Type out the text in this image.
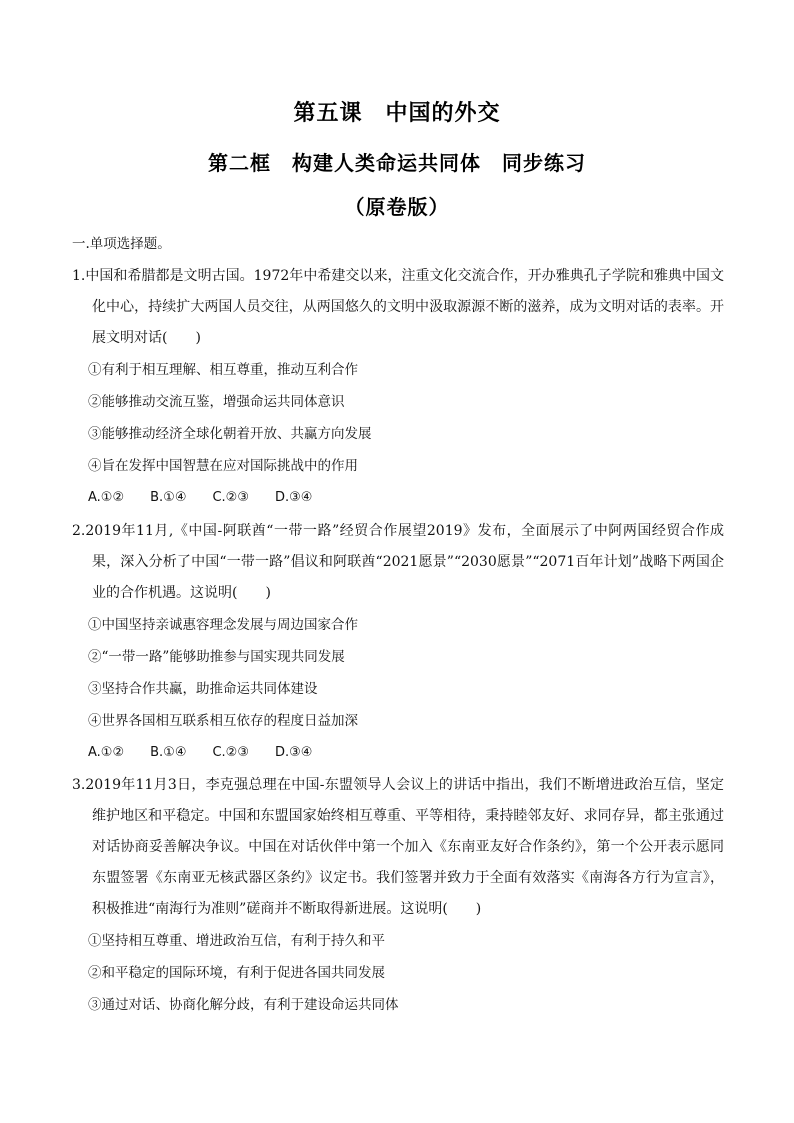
第五课　中国的外交
第二框　构建人类命运共同体　同步练习
（原卷版）
一.单项选择题。
1.中国和希腊都是文明古国。1972年中希建交以来，注重文化交流合作，开办雅典孔子学院和雅典中国文化中心，持续扩大两国人员交往，从两国悠久的文明中汲取源源不断的滋养，成为文明对话的表率。开展文明对话(　　)
①有利于相互理解、相互尊重，推动互利合作
②能够推动交流互鉴，增强命运共同体意识
③能够推动经济全球化朝着开放、共赢方向发展
④旨在发挥中国智慧在应对国际挑战中的作用
A.①② B.①④ C.②③ D.③④
2.2019年11月,《中国-阿联酋“一带一路”经贸合作展望2019》发布，全面展示了中阿两国经贸合作成果，深入分析了中国“一带一路”倡议和阿联酋“2021愿景”“2030愿景”“2071百年计划”战略下两国企业的合作机遇。这说明(　　)
①中国坚持亲诚惠容理念发展与周边国家合作
②“一带一路”能够助推参与国实现共同发展
③坚持合作共赢，助推命运共同体建设
④世界各国相互联系相互依存的程度日益加深
A.①② B.①④ C.②③ D.③④
3.2019年11月3日，李克强总理在中国-东盟领导人会议上的讲话中指出，我们不断增进政治互信，坚定维护地区和平稳定。中国和东盟国家始终相互尊重、平等相待，秉持睦邻友好、求同存异，都主张通过对话协商妥善解决争议。中国在对话伙伴中第一个加入《东南亚友好合作条约》，第一个公开表示愿同东盟签署《东南亚无核武器区条约》议定书。我们签署并致力于全面有效落实《南海各方行为宣言》，积极推进“南海行为准则”磋商并不断取得新进展。这说明(　　)
①坚持相互尊重、增进政治互信，有利于持久和平
②和平稳定的国际环境，有利于促进各国共同发展
③通过对话、协商化解分歧，有利于建设命运共同体
